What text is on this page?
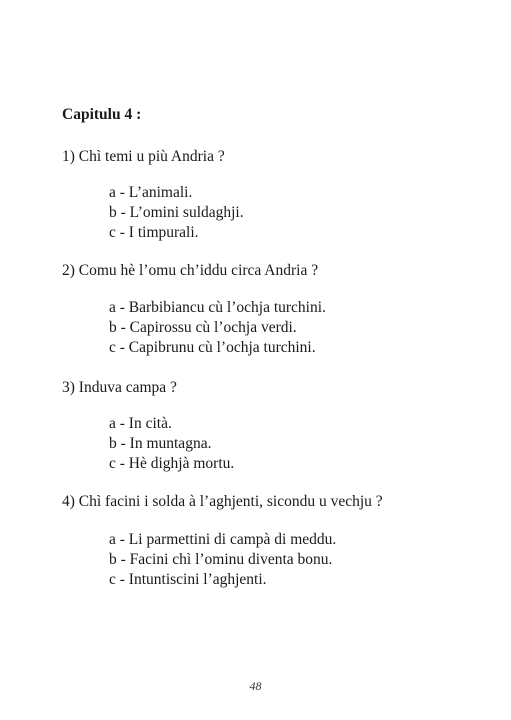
Capitulu 4 :

1) Chì temi u più Andria ?

a - L’animali.
b - L’omini suldaghji.
c - I timpurali.

2) Comu hè l’omu ch’iddu circa Andria ?

a - Barbibiancu cù l’ochja turchini.
b - Capirossu cù l’ochja verdi.
c - Capibrunu cù l’ochja turchini.

3) Induva campa ?

a - In cità.
b - In muntagna.
c - Hè dighjà mortu.

4) Chì facini i solda à l’aghjenti, sicondu u vechju ?

a - Li parmettini di campà di meddu.
b - Facini chì l’ominu diventa bonu.
c - Intuntiscini l’aghjenti.
48
